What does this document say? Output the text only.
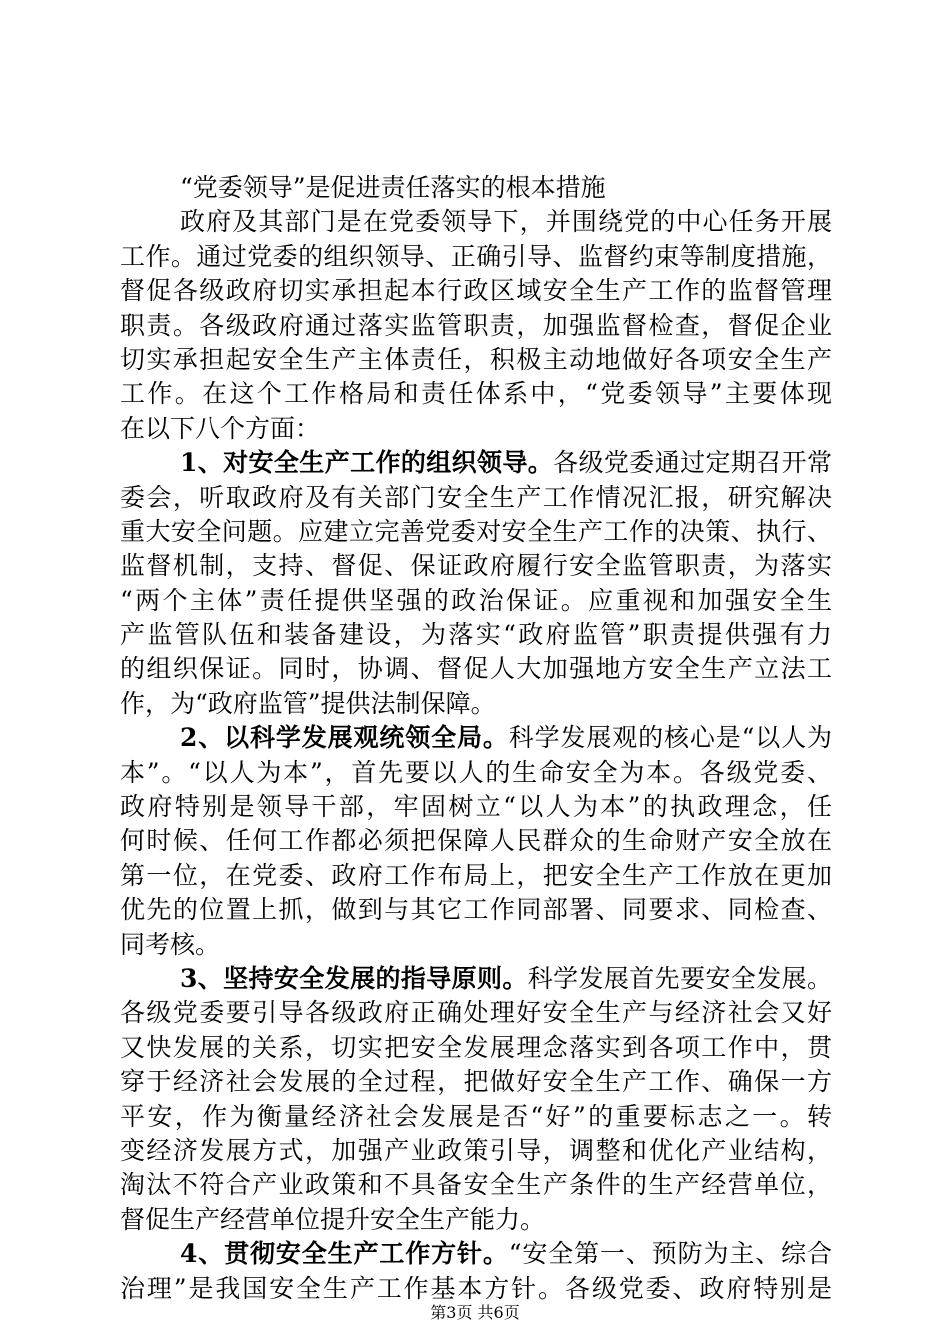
“党委领导”是促进责任落实的根本措施
政府及其部门是在党委领导下，并围绕党的中心任务开展
工作。通过党委的组织领导、正确引导、监督约束等制度措施，
督促各级政府切实承担起本行政区域安全生产工作的监督管理
职责。各级政府通过落实监管职责，加强监督检查，督促企业
切实承担起安全生产主体责任，积极主动地做好各项安全生产
工作。在这个工作格局和责任体系中，“党委领导”主要体现
在以下八个方面：
1、对安全生产工作的组织领导。各级党委通过定期召开常
委会，听取政府及有关部门安全生产工作情况汇报，研究解决
重大安全问题。应建立完善党委对安全生产工作的决策、执行、
监督机制，支持、督促、保证政府履行安全监管职责，为落实
“两个主体”责任提供坚强的政治保证。应重视和加强安全生
产监管队伍和装备建设，为落实“政府监管”职责提供强有力
的组织保证。同时，协调、督促人大加强地方安全生产立法工
作，为“政府监管”提供法制保障。
2、以科学发展观统领全局。科学发展观的核心是“以人为
本”。“以人为本”，首先要以人的生命安全为本。各级党委、
政府特别是领导干部，牢固树立“以人为本”的执政理念，任
何时候、任何工作都必须把保障人民群众的生命财产安全放在
第一位，在党委、政府工作布局上，把安全生产工作放在更加
优先的位置上抓，做到与其它工作同部署、同要求、同检查、
同考核。
3、坚持安全发展的指导原则。科学发展首先要安全发展。
各级党委要引导各级政府正确处理好安全生产与经济社会又好
又快发展的关系，切实把安全发展理念落实到各项工作中，贯
穿于经济社会发展的全过程，把做好安全生产工作、确保一方
平安，作为衡量经济社会发展是否“好”的重要标志之一。转
变经济发展方式，加强产业政策引导，调整和优化产业结构，
淘汰不符合产业政策和不具备安全生产条件的生产经营单位，
督促生产经营单位提升安全生产能力。
4、贯彻安全生产工作方针。“安全第一、预防为主、综合
治理”是我国安全生产工作基本方针。各级党委、政府特别是
第3页 共6页
